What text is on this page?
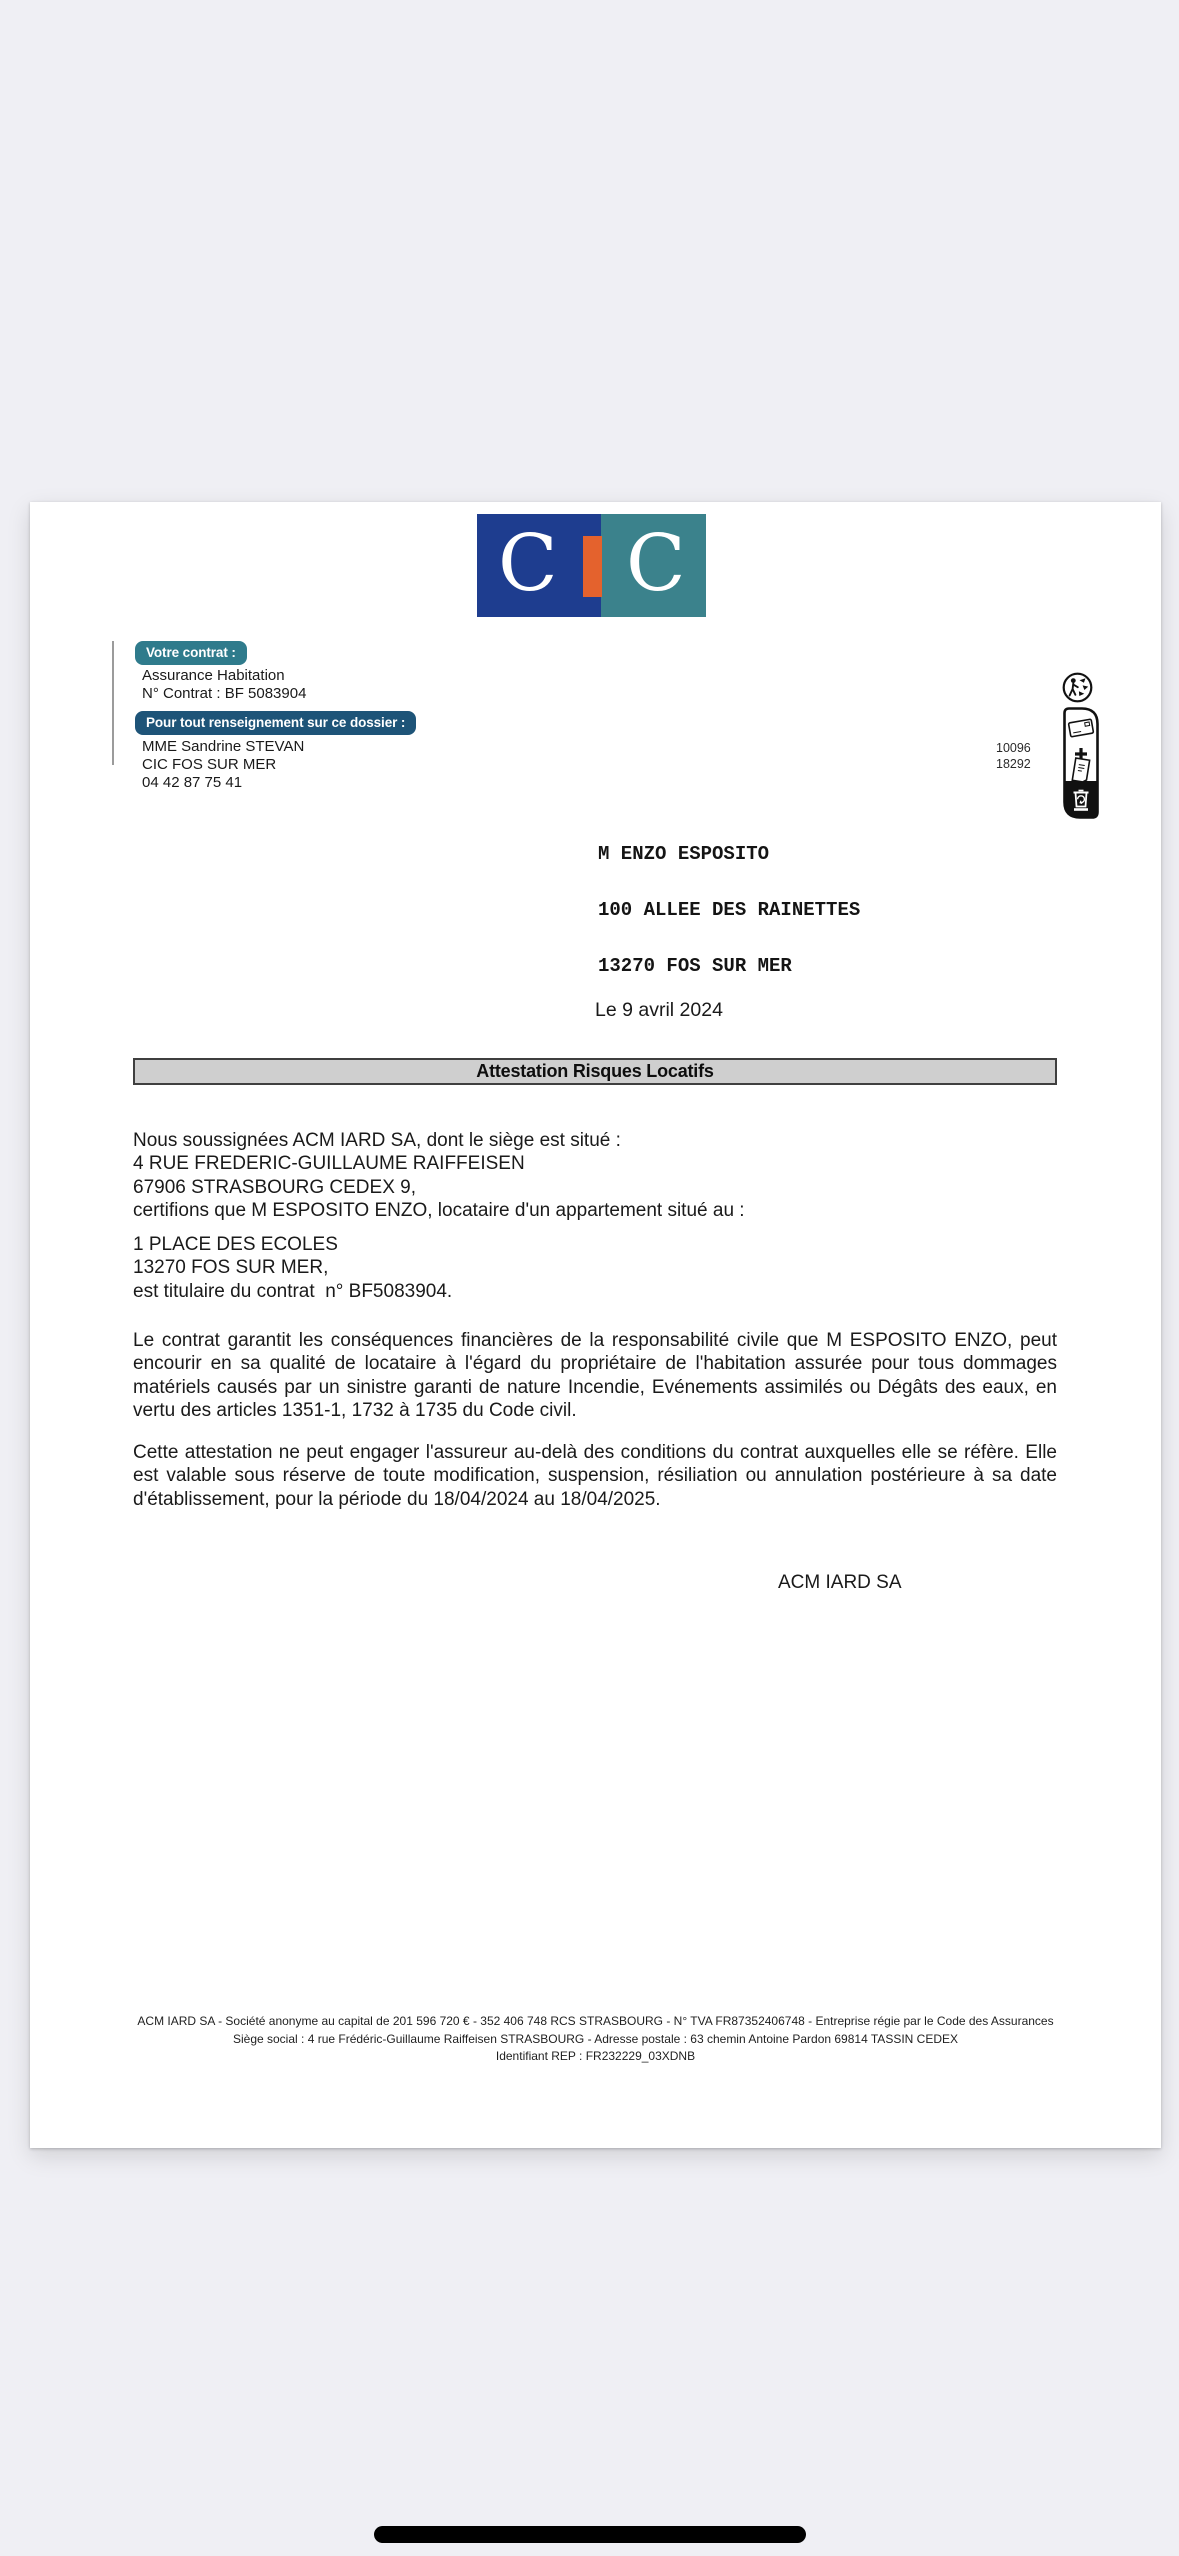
C C
Votre contrat :
Assurance Habitation
N° Contrat : BF 5083904
Pour tout renseignement sur ce dossier :
MME Sandrine STEVAN
CIC FOS SUR MER
04 42 87 75 41
10096
18292

M ENZO ESPOSITO

100 ALLEE DES RAINETTES

13270 FOS SUR MER

Le 9 avril 2024
Attestation Risques Locatifs
Nous soussignées ACM IARD SA, dont le siège est situé :
4 RUE FREDERIC-GUILLAUME RAIFFEISEN
67906 STRASBOURG CEDEX 9,
certifions que M ESPOSITO ENZO, locataire d'un appartement situé au :
1 PLACE DES ECOLES
13270 FOS SUR MER,
est titulaire du contrat  n° BF5083904.
Le contrat garantit les conséquences financières de la responsabilité civile que M ESPOSITO ENZO, peut encourir en sa qualité de locataire à l'égard du propriétaire de l'habitation assurée pour tous dommages matériels causés par un sinistre garanti de nature Incendie, Evénements assimilés ou Dégâts des eaux, en vertu des articles 1351-1, 1732 à 1735 du Code civil.
Cette attestation ne peut engager l'assureur au-delà des conditions du contrat auxquelles elle se réfère. Elle est valable sous réserve de toute modification, suspension, résiliation ou annulation postérieure à sa date d'établissement, pour la période du 18/04/2024 au 18/04/2025.
ACM IARD SA
ACM IARD SA - Société anonyme au capital de 201 596 720 € - 352 406 748 RCS STRASBOURG - N° TVA FR87352406748 - Entreprise régie par le Code des Assurances
Siège social : 4 rue Frédéric-Guillaume Raiffeisen STRASBOURG - Adresse postale : 63 chemin Antoine Pardon 69814 TASSIN CEDEX
Identifiant REP : FR232229_03XDNB
